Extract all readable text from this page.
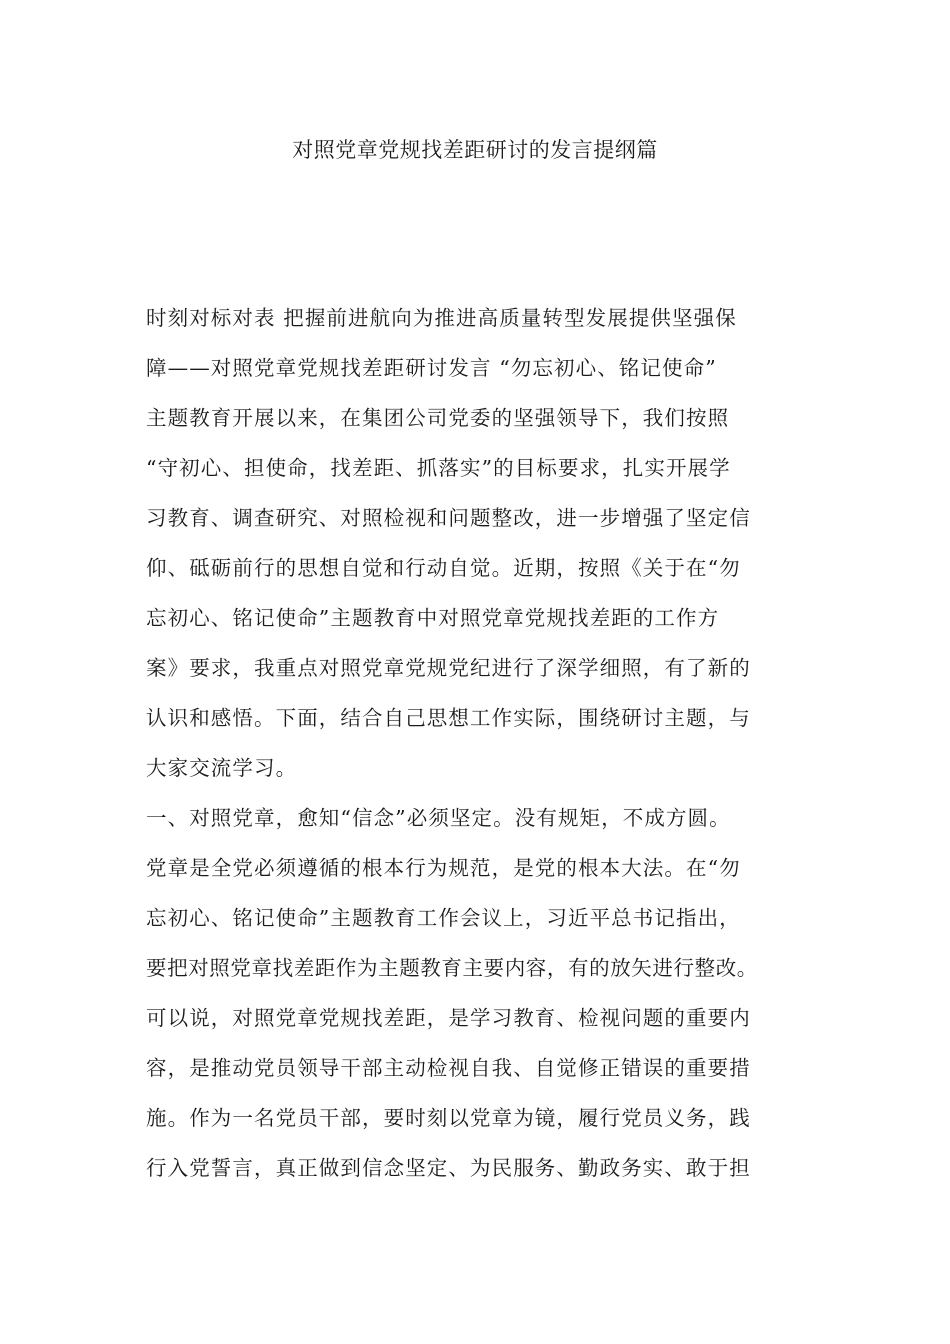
对照党章党规找差距研讨的发言提纲篇
时刻对标对表 把握前进航向为推进高质量转型发展提供坚强保
障——对照党章党规找差距研讨发言 “勿忘初心、铭记使命”
主题教育开展以来，在集团公司党委的坚强领导下，我们按照
“守初心、担使命，找差距、抓落实”的目标要求，扎实开展学
习教育、调查研究、对照检视和问题整改，进一步增强了坚定信
仰、砥砺前行的思想自觉和行动自觉。近期，按照《关于在“勿
忘初心、铭记使命”主题教育中对照党章党规找差距的工作方
案》要求，我重点对照党章党规党纪进行了深学细照，有了新的
认识和感悟。下面，结合自己思想工作实际，围绕研讨主题，与
大家交流学习。
一、对照党章，愈知“信念”必须坚定。没有规矩，不成方圆。
党章是全党必须遵循的根本行为规范，是党的根本大法。在“勿
忘初心、铭记使命”主题教育工作会议上，习近平总书记指出，
要把对照党章找差距作为主题教育主要内容，有的放矢进行整改。
可以说，对照党章党规找差距，是学习教育、检视问题的重要内
容，是推动党员领导干部主动检视自我、自觉修正错误的重要措
施。作为一名党员干部，要时刻以党章为镜，履行党员义务，践
行入党誓言，真正做到信念坚定、为民服务、勤政务实、敢于担
